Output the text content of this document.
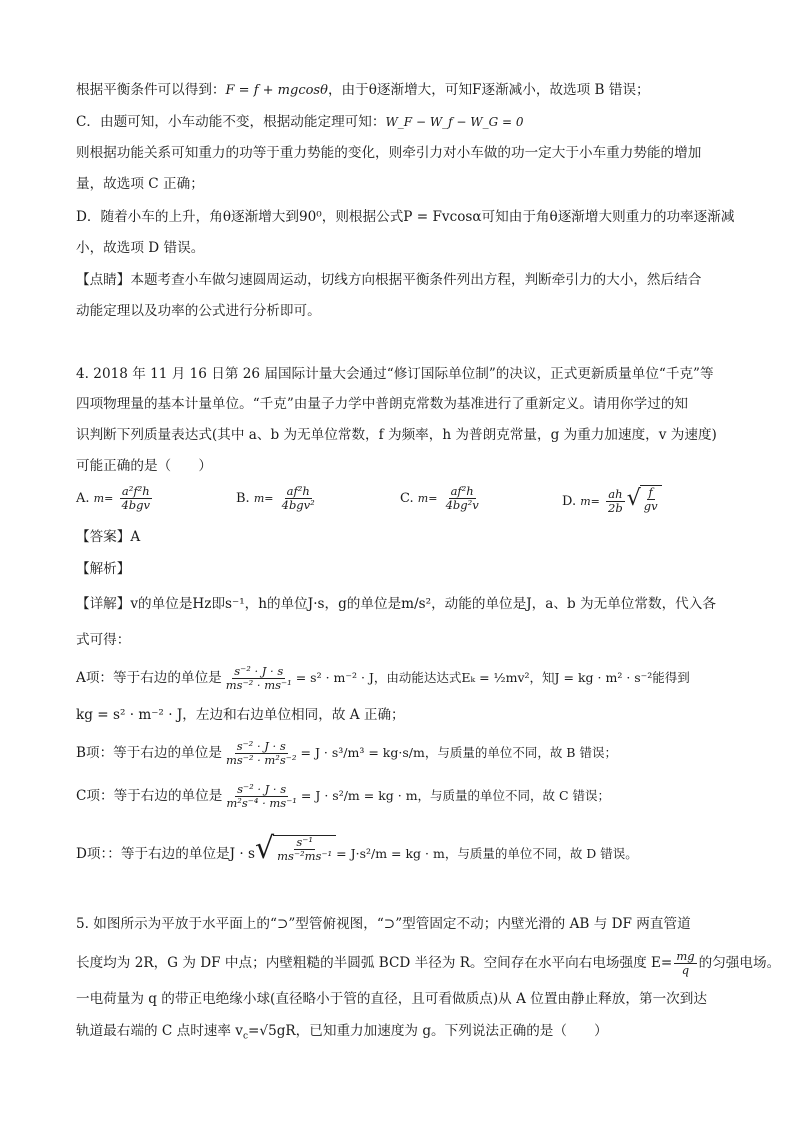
根据平衡条件可以得到：F = f + mgcosθ，由于θ逐渐增大，可知F逐渐减小，故选项 B 错误；
C．由题可知，小车动能不变，根据动能定理可知：W_F − W_f − W_G = 0
则根据功能关系可知重力的功等于重力势能的变化，则牵引力对小车做的功一定大于小车重力势能的增加
量，故选项 C 正确；
D．随着小车的上升，角θ逐渐增大到90⁰，则根据公式P = Fvcosα可知由于角θ逐渐增大则重力的功率逐渐减
小，故选项 D 错误。
【点睛】本题考查小车做匀速圆周运动，切线方向根据平衡条件列出方程，判断牵引力的大小，然后结合
动能定理以及功率的公式进行分析即可。
4. 2018 年 11 月 16 日第 26 届国际计量大会通过“修订国际单位制”的决议，正式更新质量单位“千克”等
四项物理量的基本计量单位。“千克”由量子力学中普朗克常数为基准进行了重新定义。请用你学过的知
识判断下列质量表达式(其中 a、b 为无单位常数，f 为频率，h 为普朗克常量，g 为重力加速度，v 为速度)
可能正确的是（　　）
A. $m= \frac{\text{a²f²h}}{\text{4bgv}}$	B. $m= \frac{\text{af²h}}{\text{4bgv²}}$	C. $m= \frac{\text{af²h}}{\text{4bg²v}}$	D. $m= \frac{ah}{2b}$ √ $\frac{f}{gv}$
【答案】A
【解析】
【详解】v的单位是Hz即s⁻¹，h的单位J·s，g的单位是m/s²，动能的单位是J，a、b 为无单位常数，代入各
式可得：
A项：等于右边的单位是 $\frac{\text{s⁻² · J · s}}{\text{ms⁻² · ms⁻¹}} = s^2 \cdot m^{-2} \cdot J$，由动能达达式Eₖ = ½mv²，知J = kg · m² · s⁻²能得到
kg = s² · m⁻² · J，左边和右边单位相同，故 A 正确；
B项：等于右边的单位是 $\frac{\text{s⁻² · J · s}}{\text{ms⁻² · m²s⁻²}} = J \cdot s^3/m^3 = kg\cdot s/m$，与质量的单位不同，故 B 错误；
C项：等于右边的单位是 $\frac{\text{s⁻² · J · s}}{\text{m²s⁻⁴ · ms⁻¹}} = J \cdot s^2/m$ = kg · m，与质量的单位不同，故 C 错误；
D项：：等于右边的单位是J · s √ $\frac{\text{s⁻¹}}{\text{ms⁻²ms⁻¹}} = J\cdot s^2/m$ = kg · m，与质量的单位不同，故 D 错误。
5. 如图所示为平放于水平面上的“⊃”型管俯视图，“⊃”型管固定不动；内壁光滑的 AB 与 DF 两直管道
长度均为 2R，G 为 DF 中点；内壁粗糙的半圆弧 BCD 半径为 R。空间存在水平向右电场强度 $E= \frac{mg}{q}$ 的匀强电场。
一电荷量为 q 的带正电绝缘小球(直径略小于管的直径，且可看做质点)从 A 位置由静止释放，第一次到达
轨道最右端的 C 点时速率 $v_c=√5gR$，已知重力加速度为 g。下列说法正确的是（　　）
